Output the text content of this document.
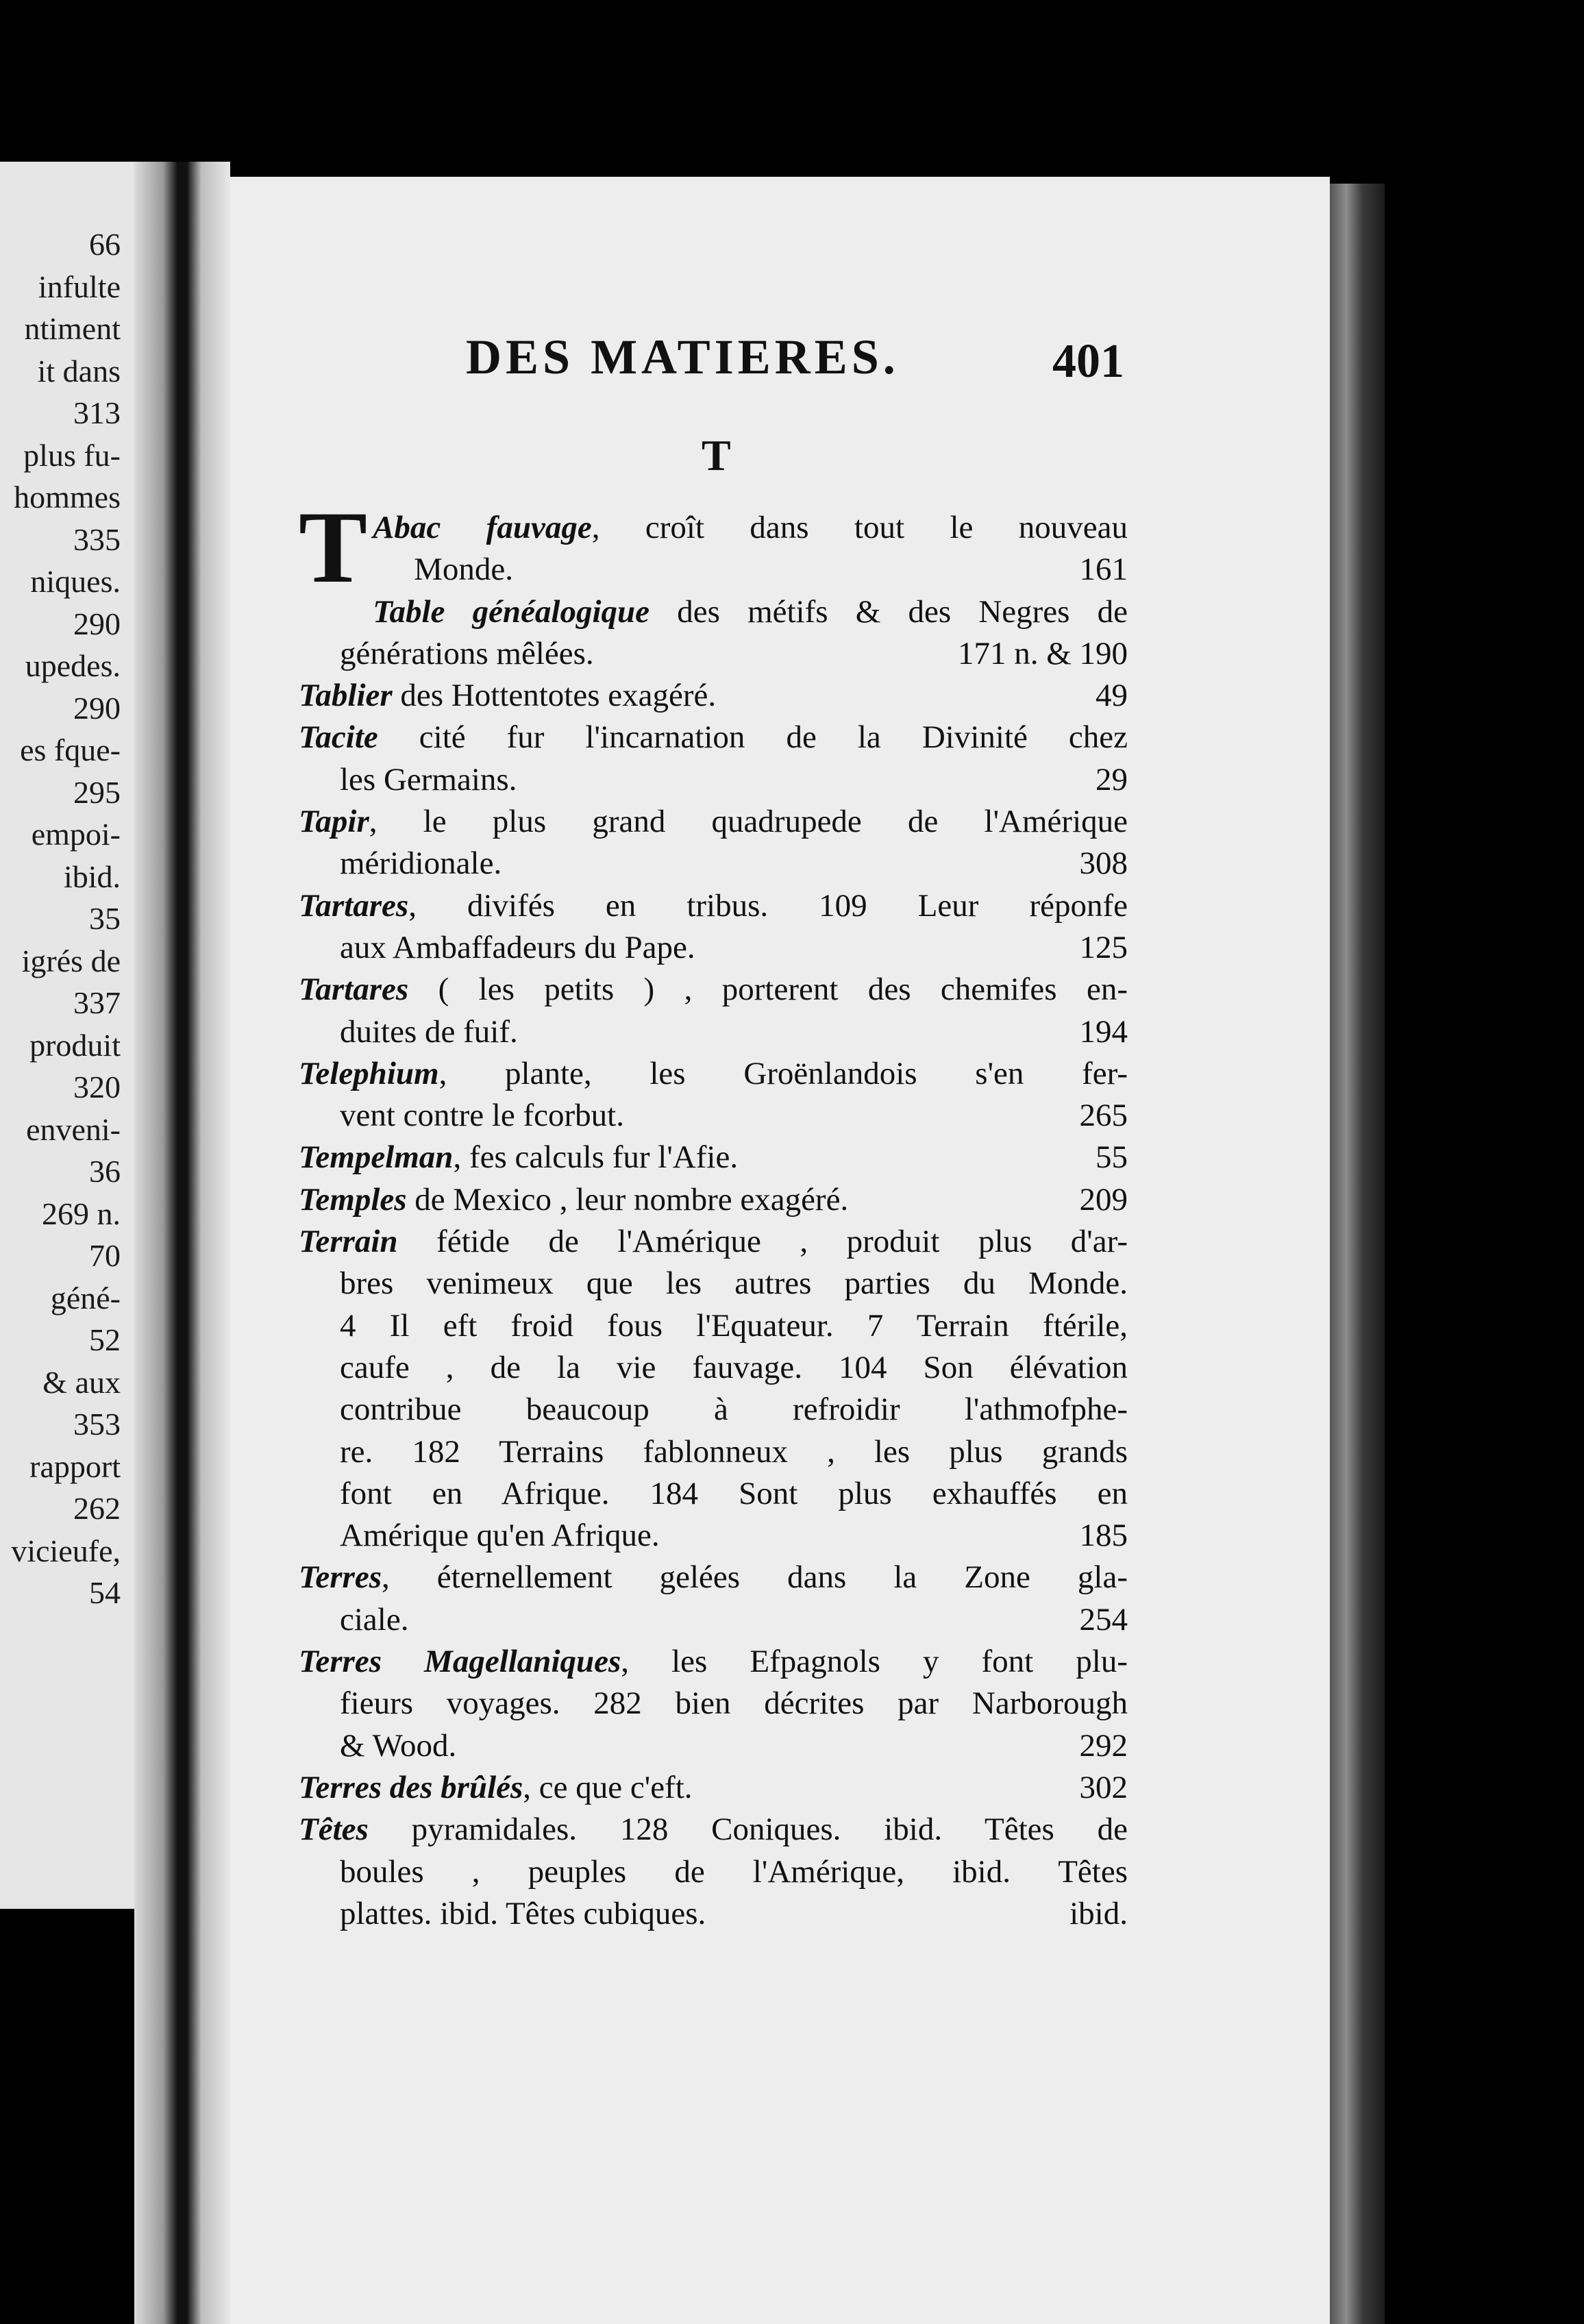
66
infulte
ntiment
it dans
313
plus fu-
hommes
335
niques.
290
upedes.
290
es fque-
295
empoi-
ibid.
35
igrés de
337
produit
320
enveni-
36
269 n.
70
géné-
52
& aux
353
rapport
262
vicieufe,
54
DES MATIERES.	401
T
T Abac fauvage, croît dans tout le nouveau
Monde.	161
Table généalogique des métifs & des Negres de
générations mêlées.	171 n. & 190
Tablier des Hottentotes exagéré.	49
Tacite cité fur l'incarnation de la Divinité chez
les Germains.	29
Tapir, le plus grand quadrupede de l'Amérique
méridionale.	308
Tartares, divifés en tribus. 109 Leur réponfe
aux Ambaffadeurs du Pape.	125
Tartares ( les petits ) , porterent des chemifes en-
duites de fuif.	194
Telephium, plante, les Groënlandois s'en fer-
vent contre le fcorbut.	265
Tempelman, fes calculs fur l'Afie.	55
Temples de Mexico , leur nombre exagéré.	209
Terrain fétide de l'Amérique , produit plus d'ar-
bres venimeux que les autres parties du Monde.
4 Il eft froid fous l'Equateur. 7 Terrain ftérile,
caufe , de la vie fauvage. 104 Son élévation
contribue beaucoup à refroidir l'athmofphe-
re. 182 Terrains fablonneux , les plus grands
font en Afrique. 184 Sont plus exhauffés en
Amérique qu'en Afrique.	185
Terres, éternellement gelées dans la Zone gla-
ciale.	254
Terres Magellaniques, les Efpagnols y font plu-
fieurs voyages. 282 bien décrites par Narborough
& Wood.	292
Terres des brûlés, ce que c'eft.	302
Têtes pyramidales. 128 Coniques. ibid. Têtes de
boules , peuples de l'Amérique, ibid. Têtes
plattes. ibid. Têtes cubiques.	ibid.
